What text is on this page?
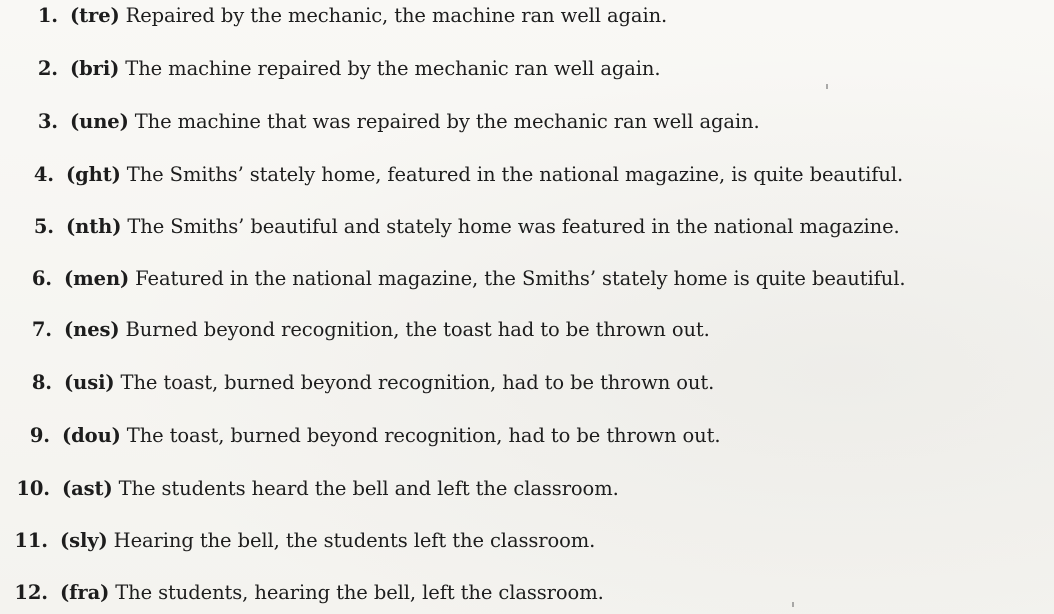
1. (tre) Repaired by the mechanic, the machine ran well again.
2. (bri) The machine repaired by the mechanic ran well again.
3. (une) The machine that was repaired by the mechanic ran well again.
4. (ght) The Smiths’ stately home, featured in the national magazine, is quite beautiful.
5. (nth) The Smiths’ beautiful and stately home was featured in the national magazine.
6. (men) Featured in the national magazine, the Smiths’ stately home is quite beautiful.
7. (nes) Burned beyond recognition, the toast had to be thrown out.
8. (usi) The toast, burned beyond recognition, had to be thrown out.
9. (dou) The toast, burned beyond recognition, had to be thrown out.
10. (ast) The students heard the bell and left the classroom.
11. (sly) Hearing the bell, the students left the classroom.
12. (fra) The students, hearing the bell, left the classroom.
